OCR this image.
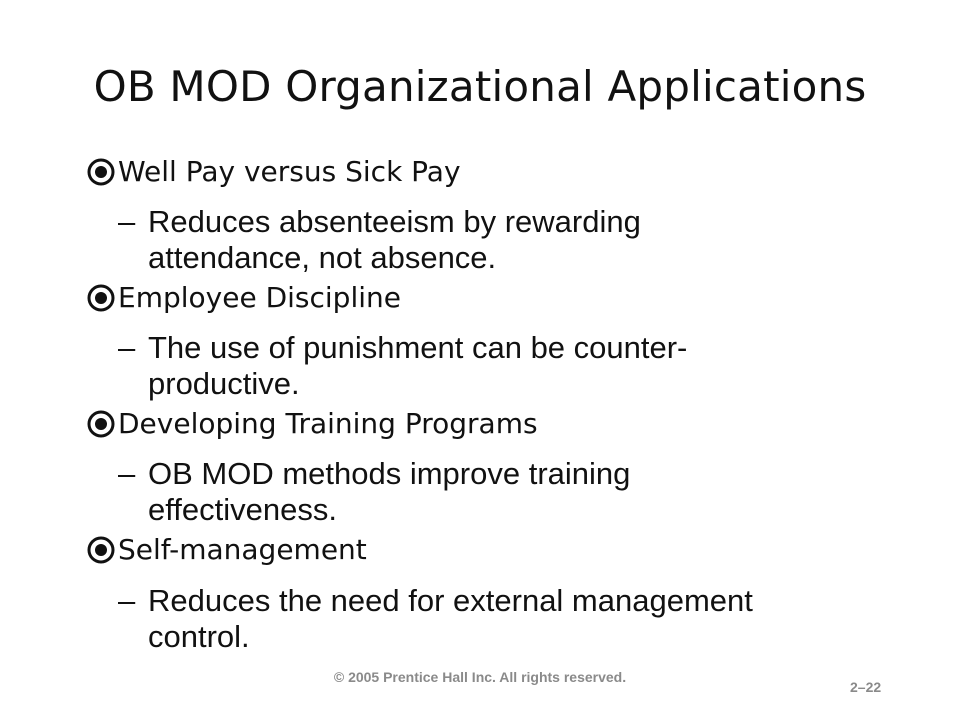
OB MOD Organizational Applications
Well Pay versus Sick Pay
– Reduces absenteeism by rewarding attendance, not absence.
Employee Discipline
– The use of punishment can be counter-productive.
Developing Training Programs
– OB MOD methods improve training effectiveness.
Self-management
– Reduces the need for external management control.
© 2005 Prentice Hall Inc. All rights reserved.
2–22
